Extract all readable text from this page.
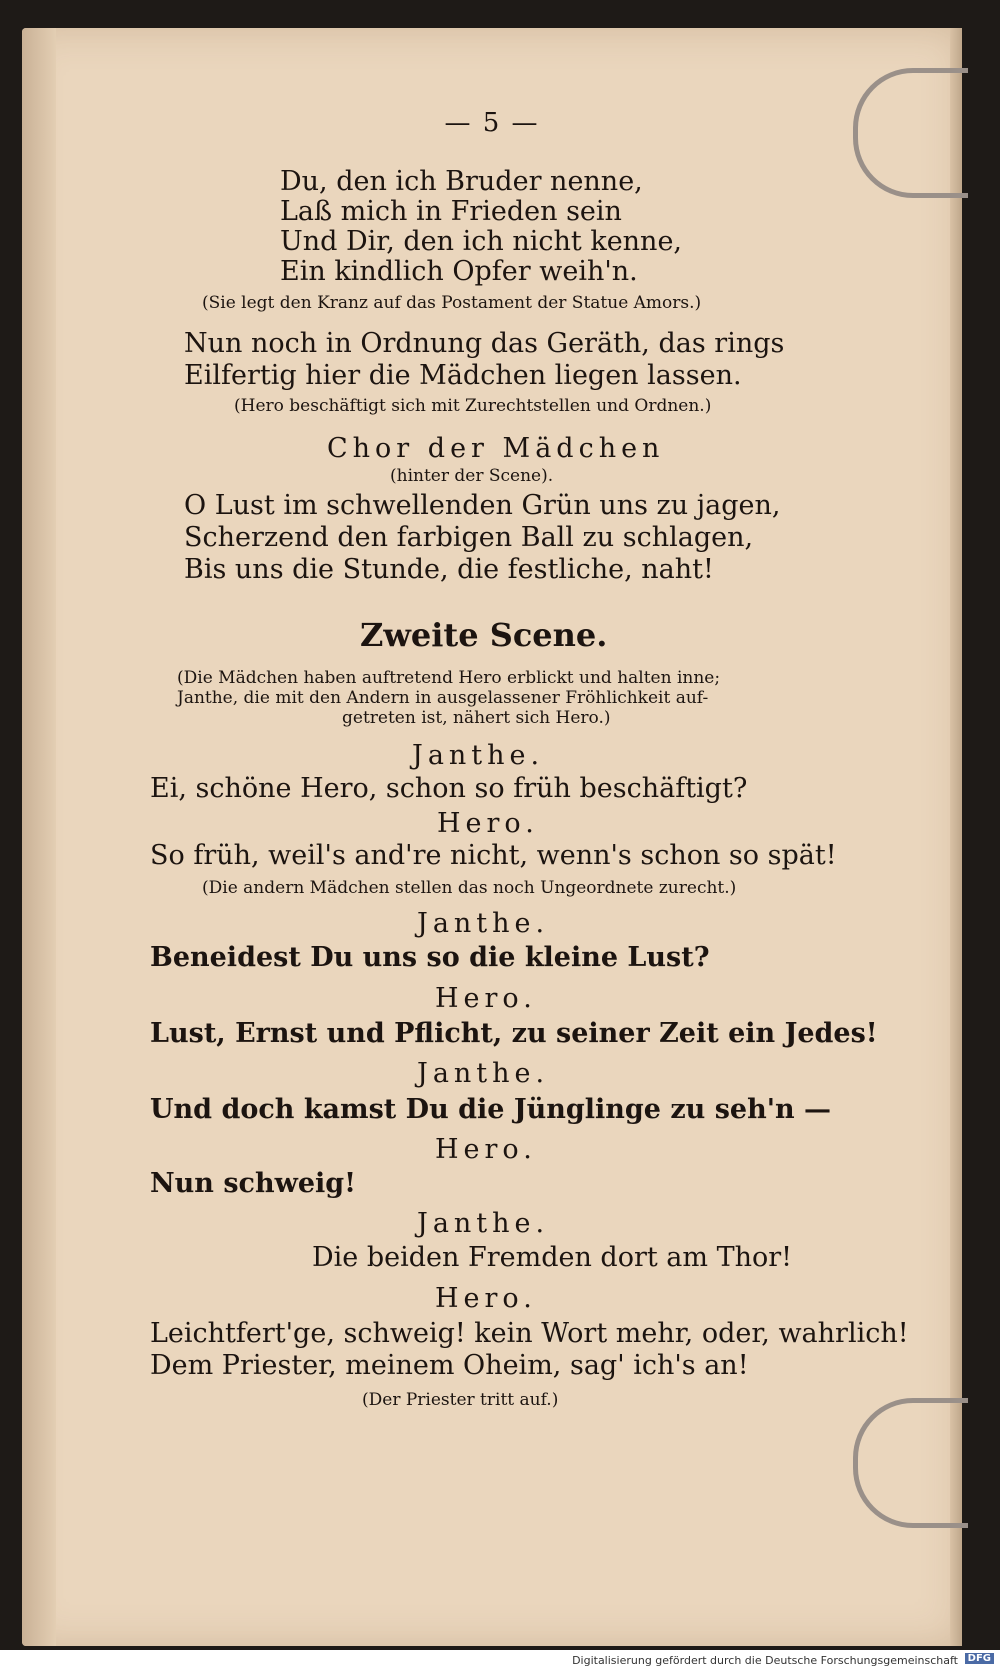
— 5 —
Du, den ich Bruder nenne,
Laß mich in Frieden sein
Und Dir, den ich nicht kenne,
Ein kindlich Opfer weih'n.
(Sie legt den Kranz auf das Postament der Statue Amors.)
Nun noch in Ordnung das Geräth, das rings
Eilfertig hier die Mädchen liegen lassen.
(Hero beschäftigt sich mit Zurechtstellen und Ordnen.)
Chor der Mädchen
(hinter der Scene).
O Lust im schwellenden Grün uns zu jagen,
Scherzend den farbigen Ball zu schlagen,
Bis uns die Stunde, die festliche, naht!
Zweite Scene.
(Die Mädchen haben auftretend Hero erblickt und halten inne;
Janthe, die mit den Andern in ausgelassener Fröhlichkeit auf-
getreten ist, nähert sich Hero.)
Janthe.
Ei, schöne Hero, schon so früh beschäftigt?
Hero.
So früh, weil's and're nicht, wenn's schon so spät!
(Die andern Mädchen stellen das noch Ungeordnete zurecht.)
Janthe.
Beneidest Du uns so die kleine Lust?
Hero.
Lust, Ernst und Pflicht, zu seiner Zeit ein Jedes!
Janthe.
Und doch kamst Du die Jünglinge zu seh'n —
Hero.
Nun schweig!
Janthe.
Die beiden Fremden dort am Thor!
Hero.
Leichtfert'ge, schweig! kein Wort mehr, oder, wahrlich!
Dem Priester, meinem Oheim, sag' ich's an!
(Der Priester tritt auf.)
Digitalisierung gefördert durch die Deutsche Forschungsgemeinschaft DFG
